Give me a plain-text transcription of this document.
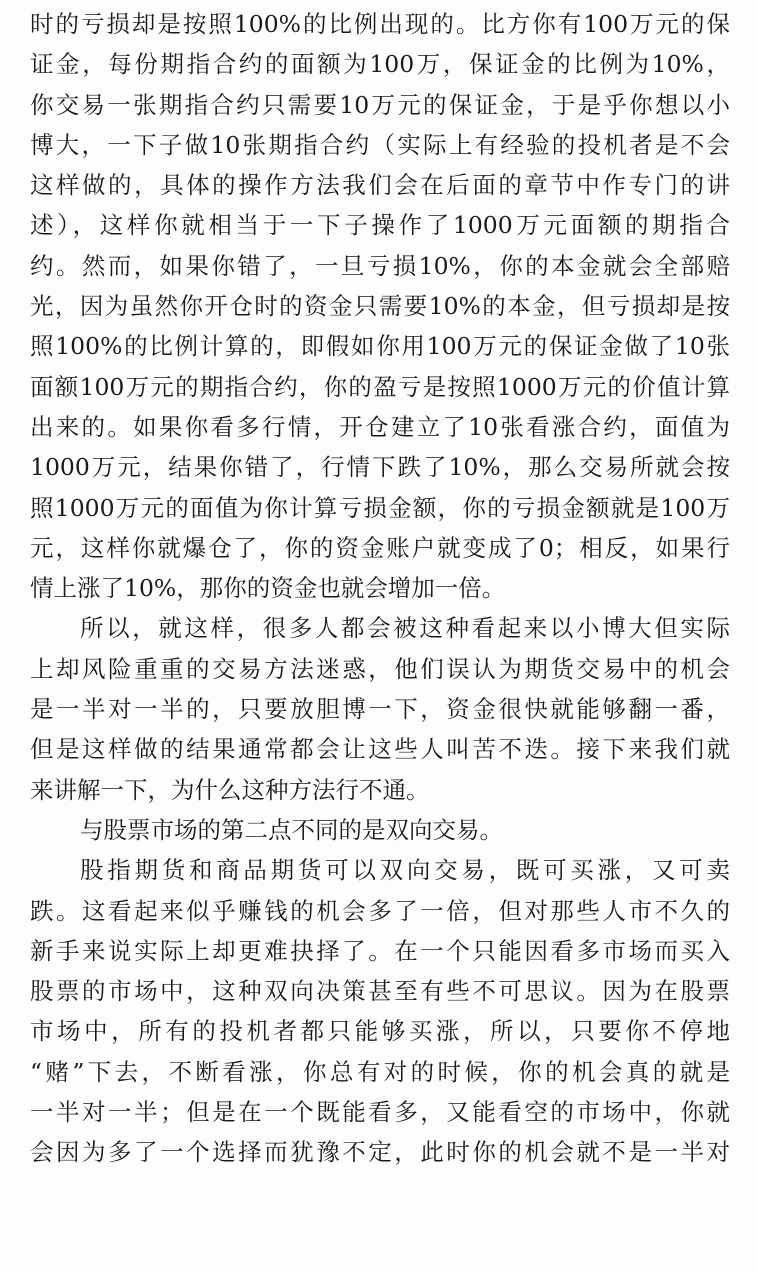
时的亏损却是按照100%的比例出现的。比方你有100万元的保
证金，每份期指合约的面额为100万，保证金的比例为10%，
你交易一张期指合约只需要10万元的保证金，于是乎你想以小
博大，一下子做10张期指合约（实际上有经验的投机者是不会
这样做的，具体的操作方法我们会在后面的章节中作专门的讲
述），这样你就相当于一下子操作了1000万元面额的期指合
约。然而，如果你错了，一旦亏损10%，你的本金就会全部赔
光，因为虽然你开仓时的资金只需要10%的本金，但亏损却是按
照100%的比例计算的，即假如你用100万元的保证金做了10张
面额100万元的期指合约，你的盈亏是按照1000万元的价值计算
出来的。如果你看多行情，开仓建立了10张看涨合约，面值为
1000万元，结果你错了，行情下跌了10%，那么交易所就会按
照1000万元的面值为你计算亏损金额，你的亏损金额就是100万
元，这样你就爆仓了，你的资金账户就变成了0；相反，如果行
情上涨了10%，那你的资金也就会增加一倍。
所以，就这样，很多人都会被这种看起来以小博大但实际
上却风险重重的交易方法迷惑，他们误认为期货交易中的机会
是一半对一半的，只要放胆博一下，资金很快就能够翻一番，
但是这样做的结果通常都会让这些人叫苦不迭。接下来我们就
来讲解一下，为什么这种方法行不通。
与股票市场的第二点不同的是双向交易。
股指期货和商品期货可以双向交易，既可买涨，又可卖
跌。这看起来似乎赚钱的机会多了一倍，但对那些人市不久的
新手来说实际上却更难抉择了。在一个只能因看多市场而买入
股票的市场中，这种双向决策甚至有些不可思议。因为在股票
市场中，所有的投机者都只能够买涨，所以，只要你不停地
“赌”下去，不断看涨，你总有对的时候，你的机会真的就是
一半对一半；但是在一个既能看多，又能看空的市场中，你就
会因为多了一个选择而犹豫不定，此时你的机会就不是一半对
